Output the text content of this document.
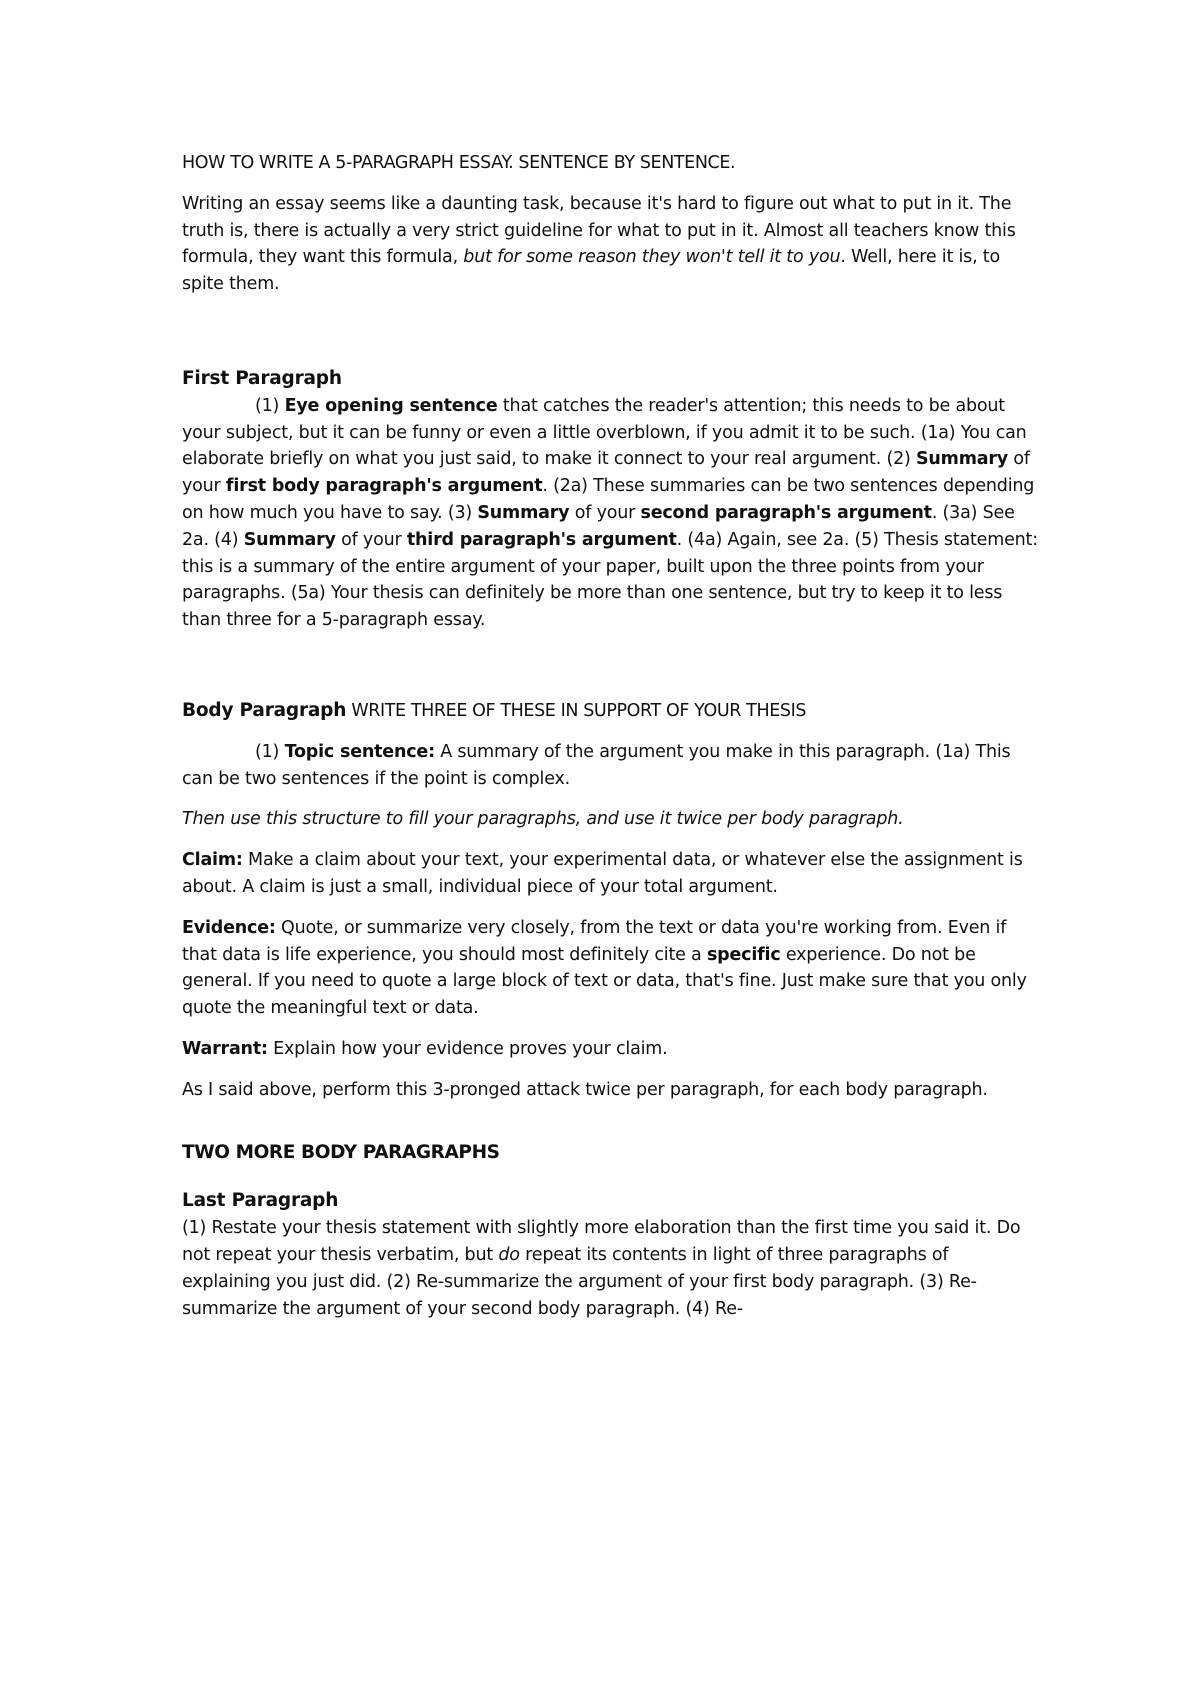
HOW TO WRITE A 5-PARAGRAPH ESSAY. SENTENCE BY SENTENCE.

Writing an essay seems like a daunting task, because it's hard to figure out what to put in it. The truth is, there is actually a very strict guideline for what to put in it. Almost all teachers know this formula, they want this formula, but for some reason they won't tell it to you. Well, here it is, to spite them.

First Paragraph

(1) Eye opening sentence that catches the reader's attention; this needs to be about your subject, but it can be funny or even a little overblown, if you admit it to be such. (1a) You can elaborate briefly on what you just said, to make it connect to your real argument. (2) Summary of your first body paragraph's argument. (2a) These summaries can be two sentences depending on how much you have to say. (3) Summary of your second paragraph's argument. (3a) See 2a. (4) Summary of your third paragraph's argument. (4a) Again, see 2a. (5) Thesis statement: this is a summary of the entire argument of your paper, built upon the three points from your paragraphs. (5a) Your thesis can definitely be more than one sentence, but try to keep it to less than three for a 5-paragraph essay.

Body Paragraph WRITE THREE OF THESE IN SUPPORT OF YOUR THESIS

(1) Topic sentence: A summary of the argument you make in this paragraph. (1a) This can be two sentences if the point is complex.

Then use this structure to fill your paragraphs, and use it twice per body paragraph.

Claim: Make a claim about your text, your experimental data, or whatever else the assignment is about. A claim is just a small, individual piece of your total argument.

Evidence: Quote, or summarize very closely, from the text or data you're working from. Even if that data is life experience, you should most definitely cite a specific experience. Do not be general. If you need to quote a large block of text or data, that's fine. Just make sure that you only quote the meaningful text or data.

Warrant: Explain how your evidence proves your claim.

As I said above, perform this 3-pronged attack twice per paragraph, for each body paragraph.

TWO MORE BODY PARAGRAPHS

Last Paragraph

(1) Restate your thesis statement with slightly more elaboration than the first time you said it. Do not repeat your thesis verbatim, but do repeat its contents in light of three paragraphs of explaining you just did. (2) Re-summarize the argument of your first body paragraph. (3) Re-summarize the argument of your second body paragraph. (4) Re-
